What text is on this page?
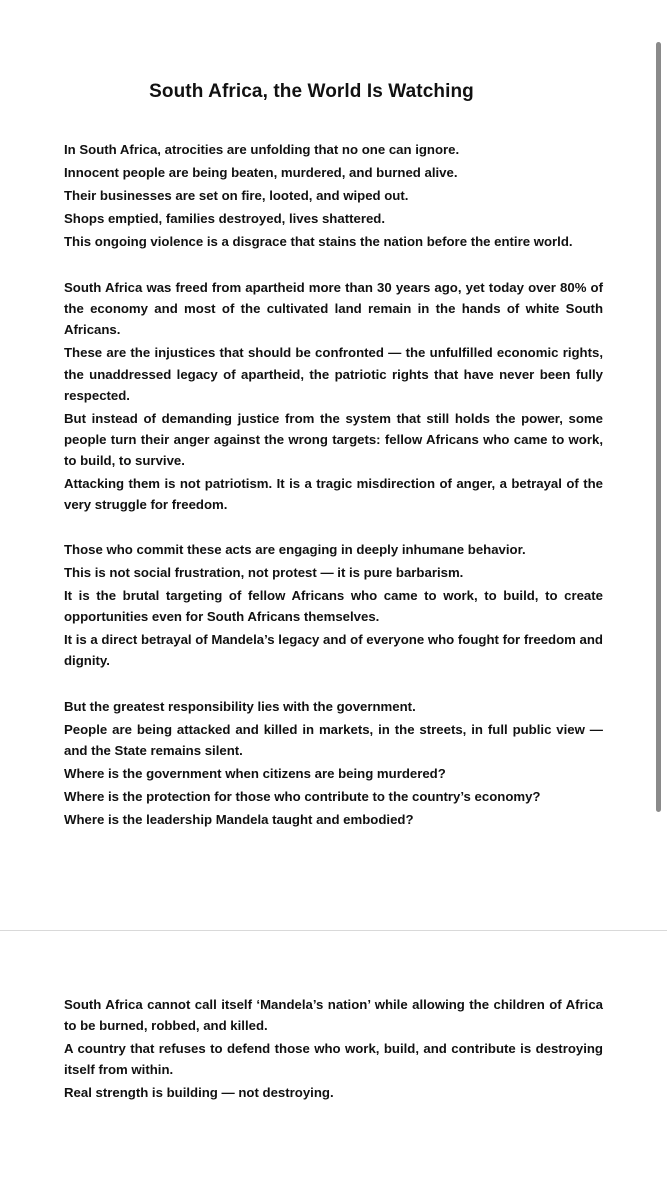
South Africa, the World Is Watching

In South Africa, atrocities are unfolding that no one can ignore.

Innocent people are being beaten, murdered, and burned alive.

Their businesses are set on fire, looted, and wiped out.

Shops emptied, families destroyed, lives shattered.

This ongoing violence is a disgrace that stains the nation before the entire world.

South Africa was freed from apartheid more than 30 years ago, yet today over 80% of the economy and most of the cultivated land remain in the hands of white South Africans.

These are the injustices that should be confronted — the unfulfilled economic rights, the unaddressed legacy of apartheid, the patriotic rights that have never been fully respected.

But instead of demanding justice from the system that still holds the power, some people turn their anger against the wrong targets: fellow Africans who came to work, to build, to survive.

Attacking them is not patriotism. It is a tragic misdirection of anger, a betrayal of the very struggle for freedom.

Those who commit these acts are engaging in deeply inhumane behavior.

This is not social frustration, not protest — it is pure barbarism.

It is the brutal targeting of fellow Africans who came to work, to build, to create opportunities even for South Africans themselves.

It is a direct betrayal of Mandela’s legacy and of everyone who fought for freedom and dignity.

But the greatest responsibility lies with the government.

People are being attacked and killed in markets, in the streets, in full public view — and the State remains silent.

Where is the government when citizens are being murdered?

Where is the protection for those who contribute to the country’s economy?

Where is the leadership Mandela taught and embodied?

South Africa cannot call itself ‘Mandela’s nation’ while allowing the children of Africa to be burned, robbed, and killed.

A country that refuses to defend those who work, build, and contribute is destroying itself from within.

Real strength is building — not destroying.
